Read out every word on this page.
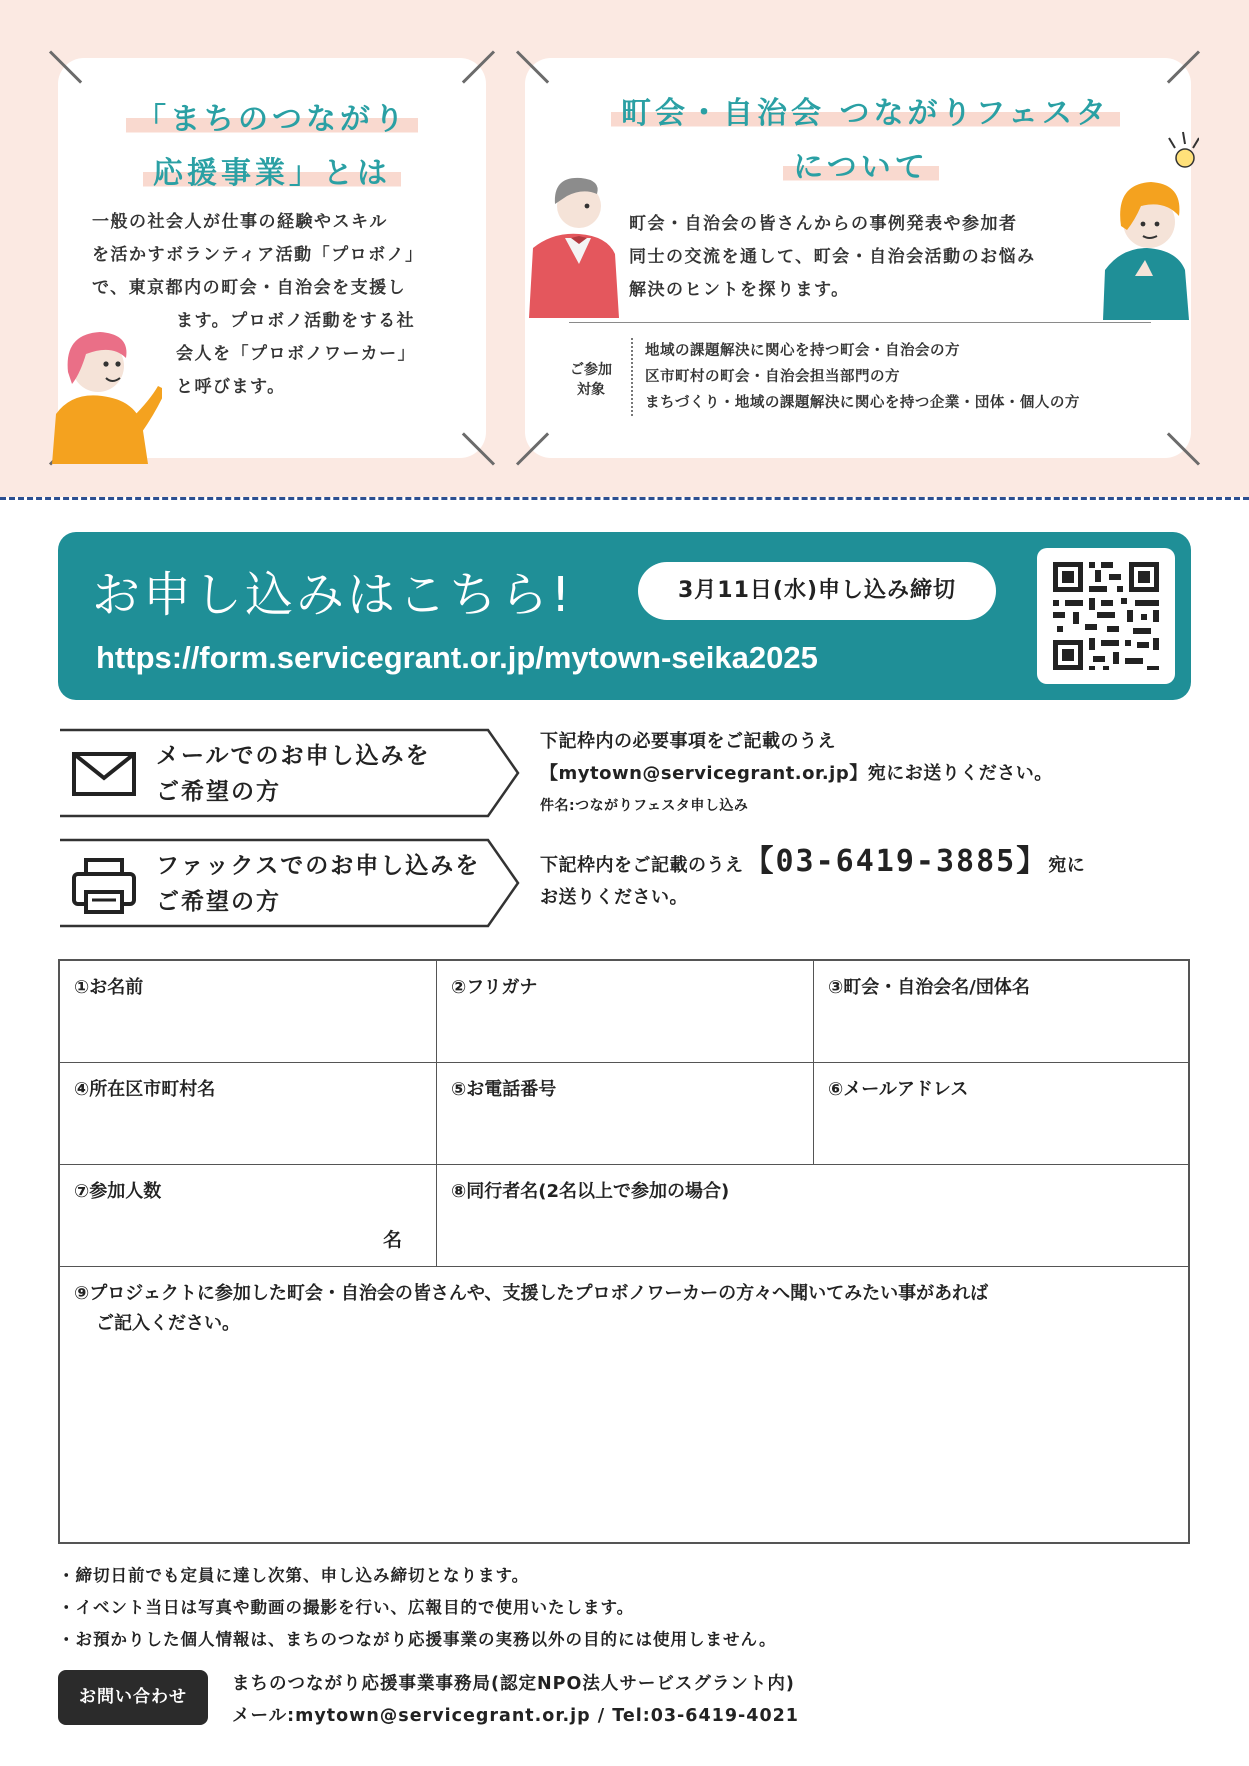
「まちのつながり
応援事業」とは
一般の社会人が仕事の経験やスキル
を活かすボランティア活動「プロボノ」
で、東京都内の町会・自治会を支援し
ます。プロボノ活動をする社
会人を「プロボノワーカー」
と呼びます。
町会・自治会 つながりフェスタ
について
町会・自治会の皆さんからの事例発表や参加者
同士の交流を通して、町会・自治会活動のお悩み
解決のヒントを探ります。
ご参加
対象
地域の課題解決に関心を持つ町会・自治会の方
区市町村の町会・自治会担当部門の方
まちづくり・地域の課題解決に関心を持つ企業・団体・個人の方
お申し込みはこちら!	3月11日(水)申し込み締切
https://form.servicegrant.or.jp/mytown-seika2025
メールでのお申し込みを
ご希望の方
下記枠内の必要事項をご記載のうえ
【mytown@servicegrant.or.jp】宛にお送りください。
件名:つながりフェスタ申し込み
ファックスでのお申し込みを
ご希望の方
下記枠内をご記載のうえ【03-6419-3885】宛に
お送りください。
①お名前	②フリガナ	③町会・自治会名/団体名
④所在区市町村名	⑤お電話番号	⑥メールアドレス
⑦参加人数
名
⑧同行者名(2名以上で参加の場合)
⑨プロジェクトに参加した町会・自治会の皆さんや、支援したプロボノワーカーの方々へ聞いてみたい事があれば
ご記入ください。
・締切日前でも定員に達し次第、申し込み締切となります。
・イベント当日は写真や動画の撮影を行い、広報目的で使用いたします。
・お預かりした個人情報は、まちのつながり応援事業の実務以外の目的には使用しません。
お問い合わせ
まちのつながり応援事業事務局(認定NPO法人サービスグラント内)
メール:mytown@servicegrant.or.jp / Tel:03-6419-4021
